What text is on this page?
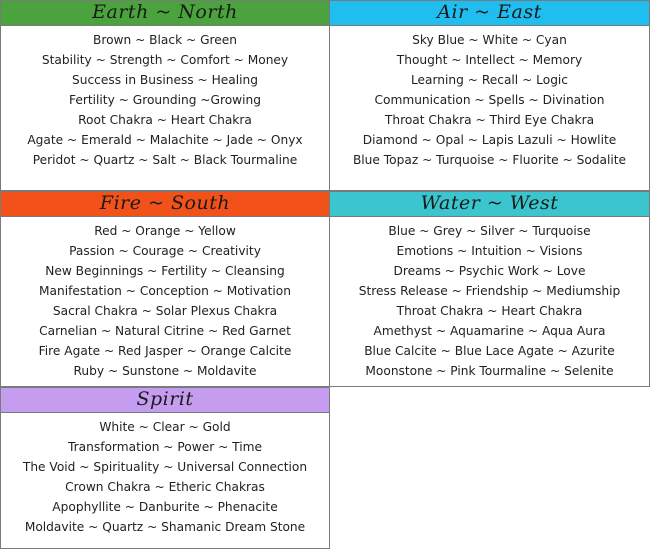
Earth ~ North
Brown ~ Black ~ Green
Stability ~ Strength ~ Comfort ~ Money
Success in Business ~ Healing
Fertility ~ Grounding ~Growing
Root Chakra ~ Heart Chakra
Agate ~ Emerald ~ Malachite ~ Jade ~ Onyx
Peridot ~ Quartz ~ Salt ~ Black Tourmaline
Air ~ East
Sky Blue ~ White ~ Cyan
Thought ~ Intellect ~ Memory
Learning ~ Recall ~ Logic
Communication ~ Spells ~ Divination
Throat Chakra ~ Third Eye Chakra
Diamond ~ Opal ~ Lapis Lazuli ~ Howlite
Blue Topaz ~ Turquoise ~ Fluorite ~ Sodalite
Fire ~ South
Red ~ Orange ~ Yellow
Passion ~ Courage ~ Creativity
New Beginnings ~ Fertility ~ Cleansing
Manifestation ~ Conception ~ Motivation
Sacral Chakra ~ Solar Plexus Chakra
Carnelian ~ Natural Citrine ~ Red Garnet
Fire Agate ~ Red Jasper ~ Orange Calcite
Ruby ~ Sunstone ~ Moldavite
Water ~ West
Blue ~ Grey ~ Silver ~ Turquoise
Emotions ~ Intuition ~ Visions
Dreams ~ Psychic Work ~ Love
Stress Release ~ Friendship ~ Mediumship
Throat Chakra ~ Heart Chakra
Amethyst ~ Aquamarine ~ Aqua Aura
Blue Calcite ~ Blue Lace Agate ~ Azurite
Moonstone ~ Pink Tourmaline ~ Selenite
Spirit
White ~ Clear ~ Gold
Transformation ~ Power ~ Time
The Void ~ Spirituality ~ Universal Connection
Crown Chakra ~ Etheric Chakras
Apophyllite ~ Danburite ~ Phenacite
Moldavite ~ Quartz ~ Shamanic Dream Stone
